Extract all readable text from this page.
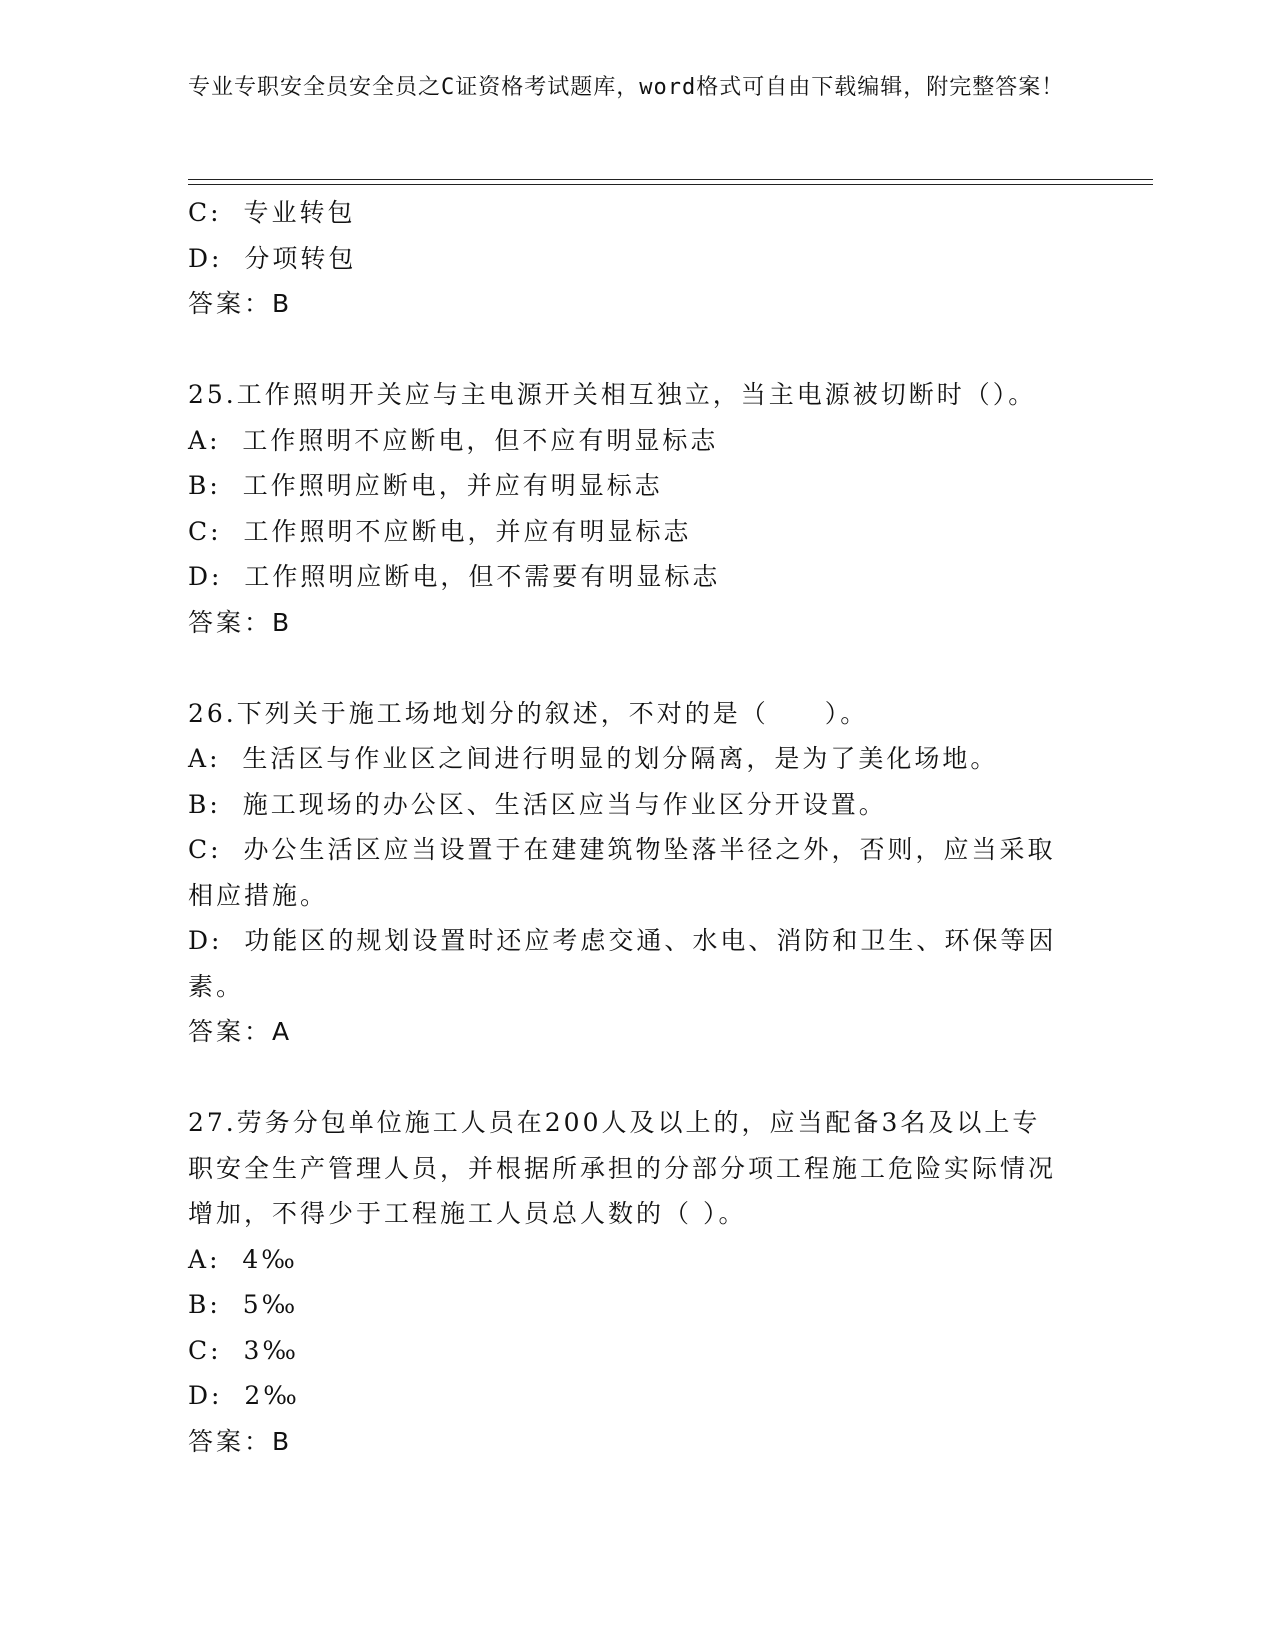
专业专职安全员安全员之C证资格考试题库，word格式可自由下载编辑，附完整答案！
C:  专业转包
D:  分项转包
答案：B
25.工作照明开关应与主电源开关相互独立，当主电源被切断时（）。
A:  工作照明不应断电，但不应有明显标志
B:  工作照明应断电，并应有明显标志
C:  工作照明不应断电，并应有明显标志
D:  工作照明应断电，但不需要有明显标志
答案：B
26.下列关于施工场地划分的叙述，不对的是（　　）。
A:  生活区与作业区之间进行明显的划分隔离，是为了美化场地。
B:  施工现场的办公区、生活区应当与作业区分开设置。
C:  办公生活区应当设置于在建建筑物坠落半径之外，否则，应当采取相应措施。
D:  功能区的规划设置时还应考虑交通、水电、消防和卫生、环保等因素。
答案：A
27.劳务分包单位施工人员在200人及以上的，应当配备3名及以上专职安全生产管理人员，并根据所承担的分部分项工程施工危险实际情况增加，不得少于工程施工人员总人数的（ ）。
A:  4‰
B:  5‰
C:  3‰
D:  2‰
答案：B
